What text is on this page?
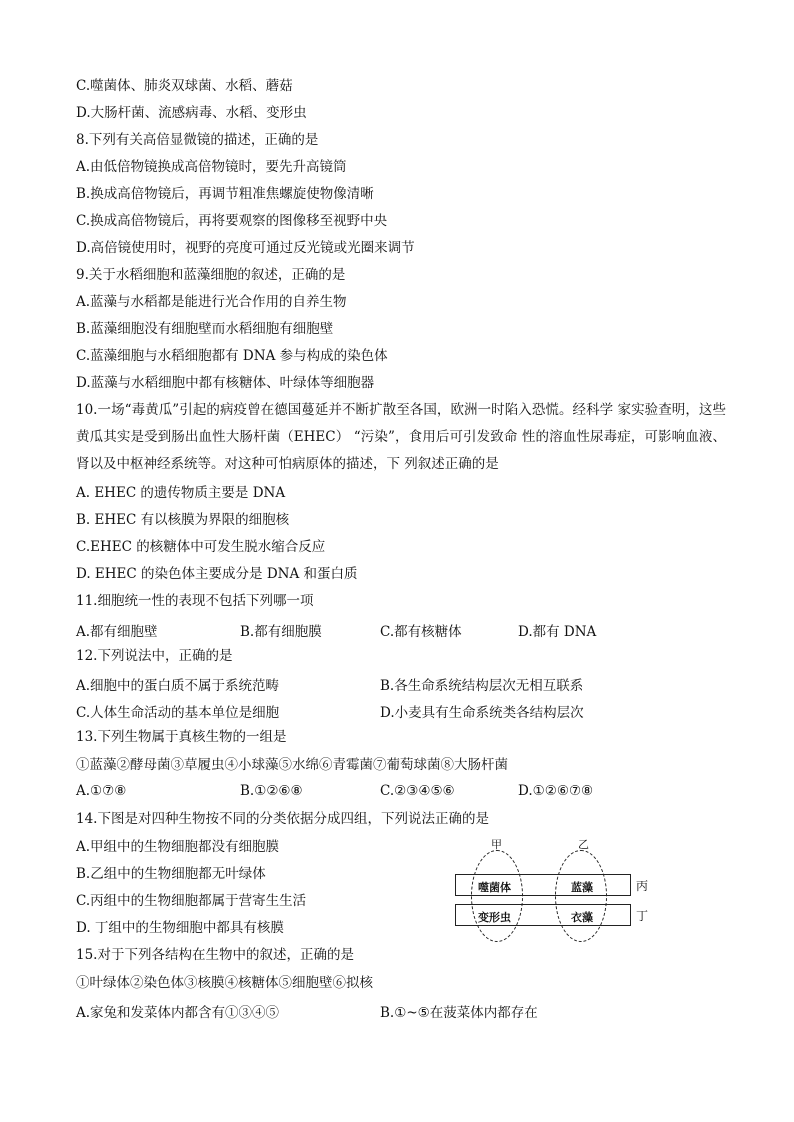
C.噬菌体、肺炎双球菌、水稻、蘑菇
D.大肠杆菌、流感病毒、水稻、变形虫
8.下列有关高倍显微镜的描述，正确的是
A.由低倍物镜换成高倍物镜时，要先升高镜筒
B.换成高倍物镜后，再调节粗准焦螺旋使物像清晰
C.换成高倍物镜后，再将要观察的图像移至视野中央
D.高倍镜使用时，视野的亮度可通过反光镜或光圈来调节
9.关于水稻细胞和蓝藻细胞的叙述，正确的是
A.蓝藻与水稻都是能进行光合作用的自养生物
B.蓝藻细胞没有细胞壁而水稻细胞有细胞壁
C.蓝藻细胞与水稻细胞都有 DNA 参与构成的染色体
D.蓝藻与水稻细胞中都有核糖体、叶绿体等细胞器
10.一场“毒黄瓜”引起的病疫曾在德国蔓延并不断扩散至各国，欧洲一时陷入恐慌。经科学 家实验查明，这些黄瓜其实是受到肠出血性大肠杆菌（EHEC） “污染”，食用后可引发致命 性的溶血性尿毒症，可影响血液、肾以及中枢神经系统等。对这种可怕病原体的描述，下 列叙述正确的是
A. EHEC 的遗传物质主要是 DNA
B. EHEC 有以核膜为界限的细胞核
C.EHEC 的核糖体中可发生脱水缩合反应
D. EHEC 的染色体主要成分是 DNA 和蛋白质
11.细胞统一性的表现不包括下列哪一项
A.都有细胞壁	B.都有细胞膜	C.都有核糖体	D.都有 DNA
12.下列说法中，正确的是
A.细胞中的蛋白质不属于系统范畴	B.各生命系统结构层次无相互联系
C.人体生命活动的基本单位是细胞	D.小麦具有生命系统类各结构层次
13.下列生物属于真核生物的一组是
①蓝藻②酵母菌③草履虫④小球藻⑤水绵⑥青霉菌⑦葡萄球菌⑧大肠杆菌
A.①⑦⑧	B.①②⑥⑧	C.②③④⑤⑥	D.①②⑥⑦⑧
14.下图是对四种生物按不同的分类依据分成四组，下列说法正确的是
A.甲组中的生物细胞都没有细胞膜
B.乙组中的生物细胞都无叶绿体
C.丙组中的生物细胞都属于营寄生生活
D. 丁组中的生物细胞中都具有核膜
甲	乙
噬菌体	蓝藻
变形虫	衣藻
丙
丁
15.对于下列各结构在生物中的叙述，正确的是
①叶绿体②染色体③核膜④核糖体⑤细胞壁⑥拟核
A.家兔和发菜体内都含有①③④⑤	B.①~⑤在菠菜体内都存在
